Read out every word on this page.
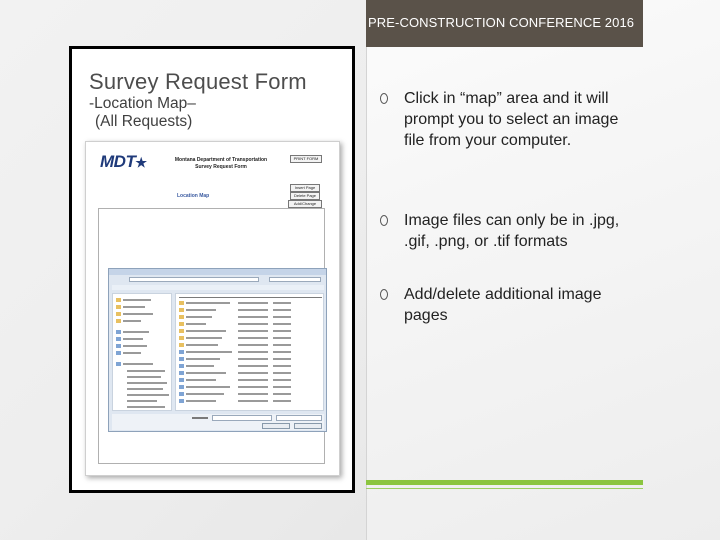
PRE-CONSTRUCTION CONFERENCE 2016
Survey Request Form
-Location Map–
(All Requests)
MDT★	Montana Department of Transportation
Survey Request Form
PRINT FORM
Insert Page
Delete Page
Add/Change
Location Map
Click in “map” area and it will prompt you to select an image file from your computer.
Image files can only be in .jpg, .gif, .png, or .tif formats
Add/delete additional image pages
